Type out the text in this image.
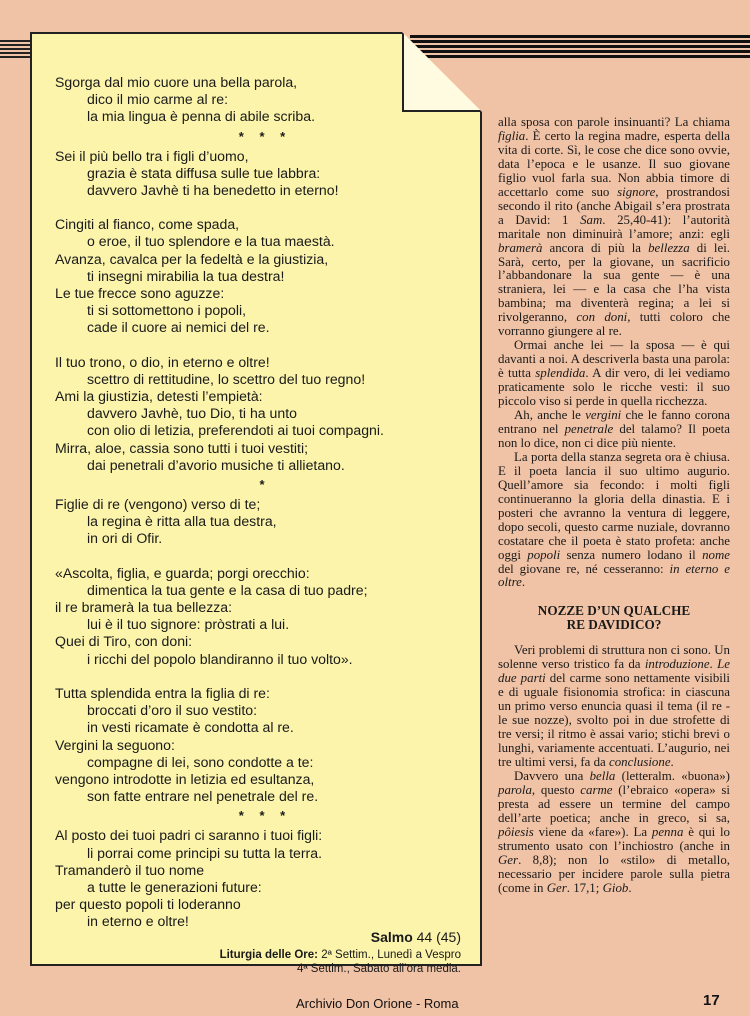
Sgorga dal mio cuore una bella parola,
dico il mio carme al re:
la mia lingua è penna di abile scriba.
* * *
Sei il più bello tra i figli d’uomo,
grazia è stata diffusa sulle tue labbra:
davvero Javhè ti ha benedetto in eterno!
Cingiti al fianco, come spada,
o eroe, il tuo splendore e la tua maestà.
Avanza, cavalca per la fedeltà e la giustizia,
ti insegni mirabilia la tua destra!
Le tue frecce sono aguzze:
ti si sottomettono i popoli,
cade il cuore ai nemici del re.
Il tuo trono, o dio, in eterno e oltre!
scettro di rettitudine, lo scettro del tuo regno!
Ami la giustizia, detesti l’empietà:
davvero Javhè, tuo Dio, ti ha unto
con olio di letizia, preferendoti ai tuoi compagni.
Mirra, aloe, cassia sono tutti i tuoi vestiti;
dai penetrali d’avorio musiche ti allietano.
*
Figlie di re (vengono) verso di te;
la regina è ritta alla tua destra,
in ori di Ofir.
«Ascolta, figlia, e guarda; porgi orecchio:
dimentica la tua gente e la casa di tuo padre;
il re bramerà la tua bellezza:
lui è il tuo signore: pròstrati a lui.
Quei di Tiro, con doni:
i ricchi del popolo blandiranno il tuo volto».
Tutta splendida entra la figlia di re:
broccati d’oro il suo vestito:
in vesti ricamate è condotta al re.
Vergini la seguono:
compagne di lei, sono condotte a te:
vengono introdotte in letizia ed esultanza,
son fatte entrare nel penetrale del re.
* * *
Al posto dei tuoi padri ci saranno i tuoi figli:
li porrai come principi su tutta la terra.
Tramanderò il tuo nome
a tutte le generazioni future:
per questo popoli ti loderanno
in eterno e oltre!
Salmo 44 (45)
Liturgia delle Ore: 2ª Settim., Lunedì a Vespro
4ª Settim., Sabato all’ora media.

alla sposa con parole insinuanti? La chiama figlia. È certo la regina madre, esperta della vita di corte. Sì, le cose che dice sono ovvie, data l’epoca e le usanze. Il suo giovane figlio vuol farla sua. Non abbia timore di accettarlo come suo signore, prostrandosi secondo il rito (anche Abigail s’era prostrata a David: 1 Sam. 25,40-41): l’autorità maritale non diminuirà l’amore; anzi: egli bramerà ancora di più la bellezza di lei. Sarà, certo, per la giovane, un sacrificio l’abbandonare la sua gente — è una straniera, lei — e la casa che l’ha vista bambina; ma diventerà regina; a lei si rivolgeranno, con doni, tutti coloro che vorranno giungere al re.

Ormai anche lei — la sposa — è qui davanti a noi. A descriverla basta una parola: è tutta splendida. A dir vero, di lei vediamo praticamente solo le ricche vesti: il suo piccolo viso si perde in quella ricchezza.

Ah, anche le vergini che le fanno corona entrano nel penetrale del talamo? Il poeta non lo dice, non ci dice più niente.

La porta della stanza segreta ora è chiusa. E il poeta lancia il suo ultimo augurio. Quell’amore sia fecondo: i molti figli continueranno la gloria della dinastia. E i posteri che avranno la ventura di leggere, dopo secoli, questo carme nuziale, dovranno costatare che il poeta è stato profeta: anche oggi popoli senza numero lodano il nome del giovane re, né cesseranno: in eterno e oltre.

NOZZE D’UN QUALCHE
RE DAVIDICO?

Veri problemi di struttura non ci sono. Un solenne verso tristico fa da introduzione. Le due parti del carme sono nettamente visibili e di uguale fisionomia strofica: in ciascuna un primo verso enuncia quasi il tema (il re - le sue nozze), svolto poi in due strofette di tre versi; il ritmo è assai vario; stichi brevi o lunghi, variamente accentuati. L’augurio, nei tre ultimi versi, fa da conclusione.

Davvero una bella (letteralm. «buona») parola, questo carme (l’ebraico «opera» si presta ad essere un termine del campo dell’arte poetica; anche in greco, si sa, pôiesis viene da «fare»). La penna è qui lo strumento usato con l’inchiostro (anche in Ger. 8,8); non lo «stilo» di metallo, necessario per incidere parole sulla pietra (come in Ger. 17,1; Giob.

Archivio Don Orione - Roma	17
